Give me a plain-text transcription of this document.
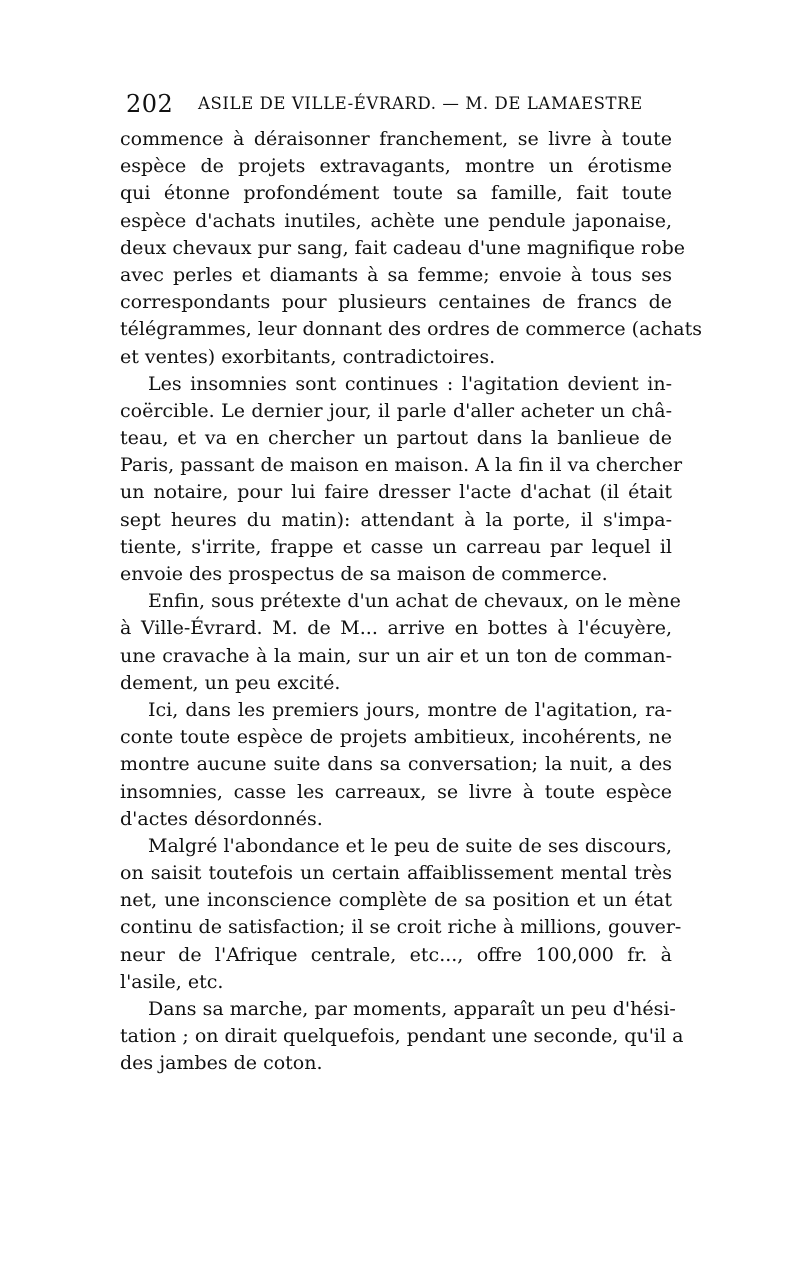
202 ASILE DE VILLE-ÉVRARD. — M. DE LAMAESTRE
commence à déraisonner franchement, se livre à toute
espèce de projets extravagants, montre un érotisme
qui étonne profondément toute sa famille, fait toute
espèce d'achats inutiles, achète une pendule japonaise,
deux chevaux pur sang, fait cadeau d'une magnifique robe
avec perles et diamants à sa femme; envoie à tous ses
correspondants pour plusieurs centaines de francs de
télégrammes, leur donnant des ordres de commerce (achats
et ventes) exorbitants, contradictoires.
Les insomnies sont continues : l'agitation devient in-
coërcible. Le dernier jour, il parle d'aller acheter un châ-
teau, et va en chercher un partout dans la banlieue de
Paris, passant de maison en maison. A la fin il va chercher
un notaire, pour lui faire dresser l'acte d'achat (il était
sept heures du matin): attendant à la porte, il s'impa-
tiente, s'irrite, frappe et casse un carreau par lequel il
envoie des prospectus de sa maison de commerce.
Enfin, sous prétexte d'un achat de chevaux, on le mène
à Ville-Évrard. M. de M... arrive en bottes à l'écuyère,
une cravache à la main, sur un air et un ton de comman-
dement, un peu excité.
Ici, dans les premiers jours, montre de l'agitation, ra-
conte toute espèce de projets ambitieux, incohérents, ne
montre aucune suite dans sa conversation; la nuit, a des
insomnies, casse les carreaux, se livre à toute espèce
d'actes désordonnés.
Malgré l'abondance et le peu de suite de ses discours,
on saisit toutefois un certain affaiblissement mental très
net, une inconscience complète de sa position et un état
continu de satisfaction; il se croit riche à millions, gouver-
neur de l'Afrique centrale, etc..., offre 100,000 fr. à
l'asile, etc.
Dans sa marche, par moments, apparaît un peu d'hési-
tation ; on dirait quelquefois, pendant une seconde, qu'il a
des jambes de coton.
